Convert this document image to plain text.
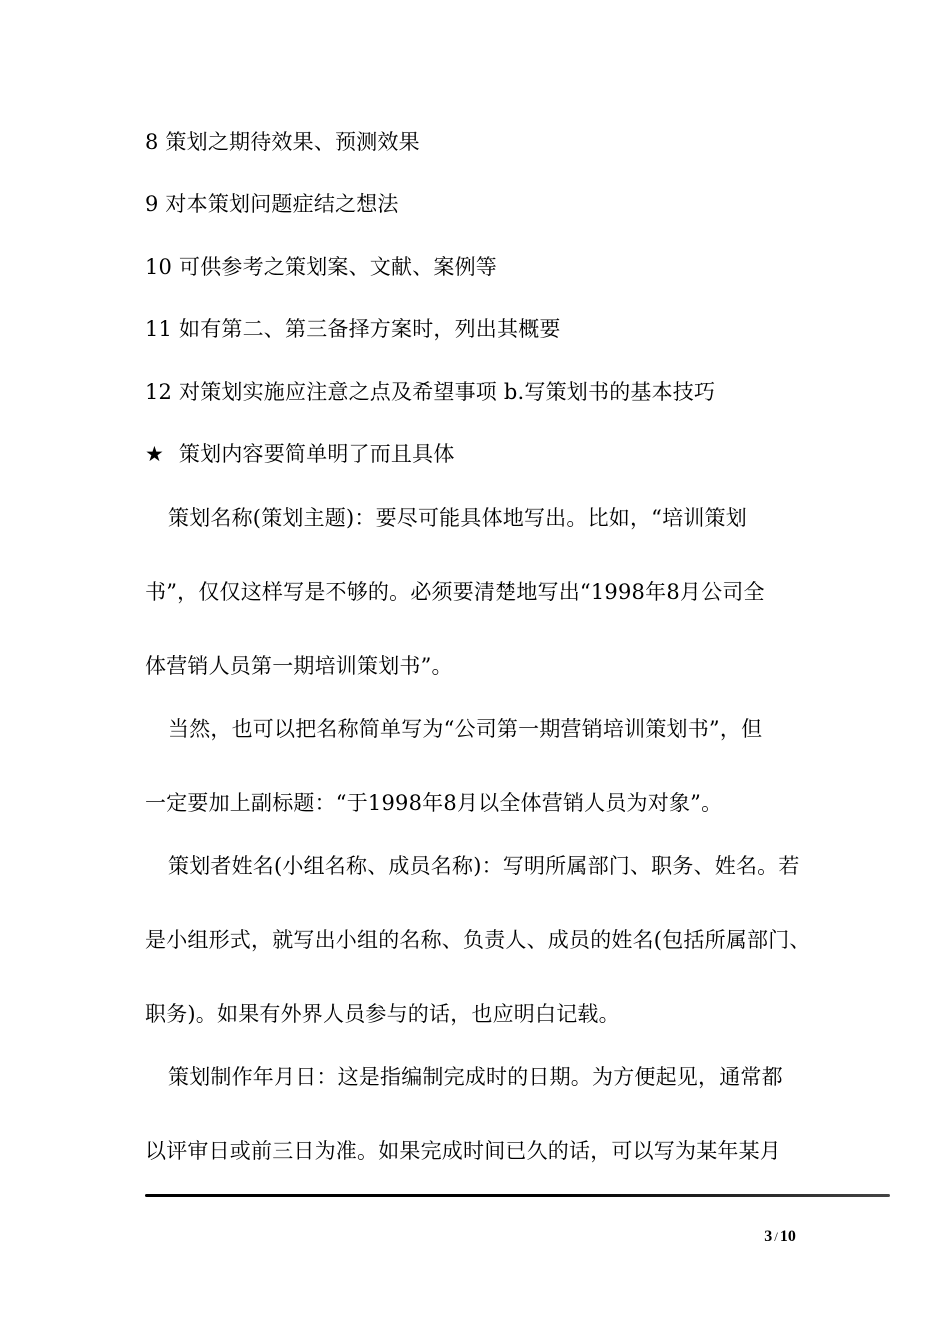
8 策划之期待效果、预测效果
9 对本策划问题症结之想法
10 可供参考之策划案、文献、案例等
11 如有第二、第三备择方案时，列出其概要
12 对策划实施应注意之点及希望事项 b.写策划书的基本技巧
★ 策划内容要简单明了而且具体
策划名称(策划主题)：要尽可能具体地写出。比如，“培训策划
书”，仅仅这样写是不够的。必须要清楚地写出“1998年8月公司全
体营销人员第一期培训策划书”。
当然，也可以把名称简单写为“公司第一期营销培训策划书”，但
一定要加上副标题：“于1998年8月以全体营销人员为对象”。
策划者姓名(小组名称、成员名称)：写明所属部门、职务、姓名。若
是小组形式，就写出小组的名称、负责人、成员的姓名(包括所属部门、
职务)。如果有外界人员参与的话，也应明白记载。
策划制作年月日：这是指编制完成时的日期。为方便起见，通常都
以评审日或前三日为准。如果完成时间已久的话，可以写为某年某月
3 / 10
